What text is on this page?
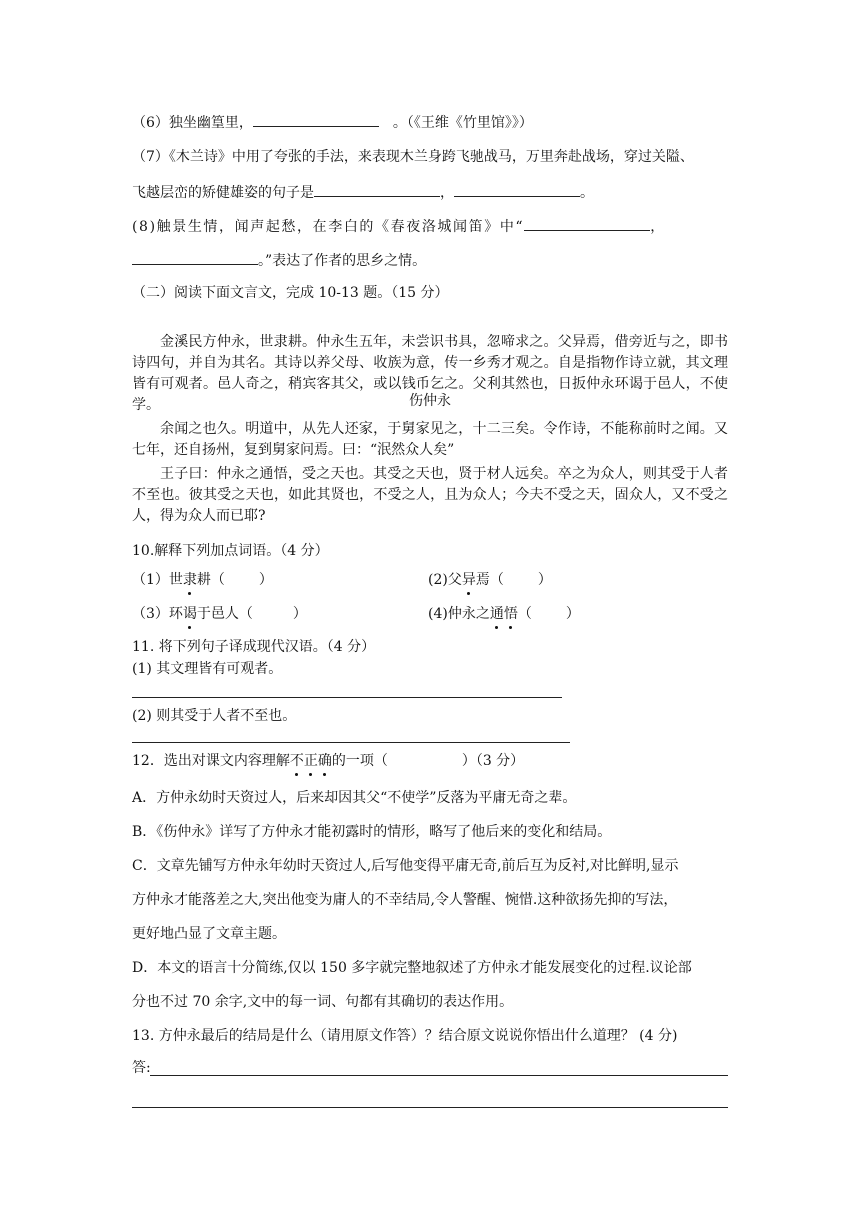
（6）独坐幽篁里，	。（《王维《竹里馆》》）
（7）《木兰诗》中用了夸张的手法，来表现木兰身跨飞驰战马，万里奔赴战场，穿过关隘、
飞越层峦的矫健雄姿的句子是	，	。
(8)触景生情，闻声起愁，在李白的《春夜洛城闻笛》中“	，
。”表达了作者的思乡之情。
（二）阅读下面文言文，完成 10-13 题。（15 分）
伤仲永
金溪民方仲永，世隶耕。仲永生五年，未尝识书具，忽啼求之。父异焉，借旁近与之，即书诗四句，并自为其名。其诗以养父母、收族为意，传一乡秀才观之。自是指物作诗立就，其文理皆有可观者。邑人奇之，稍宾客其父，或以钱币乞之。父利其然也，日扳仲永环谒于邑人，不使学。
余闻之也久。明道中，从先人还家，于舅家见之，十二三矣。令作诗，不能称前时之闻。又七年，还自扬州，复到舅家问焉。曰：“泯然众人矣”
王子曰：仲永之通悟，受之天也。其受之天也，贤于材人远矣。卒之为众人，则其受于人者不至也。彼其受之天也，如此其贤也，不受之人，且为众人；今夫不受之天，固众人，又不受之人，得为众人而已耶?
10.解释下列加点词语。（4 分）
（1）世隶耕（ ）	(2)父异焉（ ）
（3）环谒于邑人（	）	(4)仲永之通悟（ ）
11. 将下列句子译成现代汉语。（4 分）
(1) 其文理皆有可观者。
(2) 则其受于人者不至也。
12．选出对课文内容理解不正确的一项（	）（3 分）
A．方仲永幼时天资过人，后来却因其父“不使学”反落为平庸无奇之辈。
B．《伤仲永》详写了方仲永才能初露时的情形，略写了他后来的变化和结局。
C．文章先铺写方仲永年幼时天资过人,后写他变得平庸无奇,前后互为反衬,对比鲜明,显示
方仲永才能落差之大,突出他变为庸人的不幸结局,令人警醒、惋惜.这种欲扬先抑的写法，
更好地凸显了文章主题。
D．本文的语言十分简练,仅以 150 多字就完整地叙述了方仲永才能发展变化的过程.议论部
分也不过 70 余字,文中的每一词、句都有其确切的表达作用。
13. 方仲永最后的结局是什么（请用原文作答）？结合原文说说你悟出什么道理？ (4 分)
答:
